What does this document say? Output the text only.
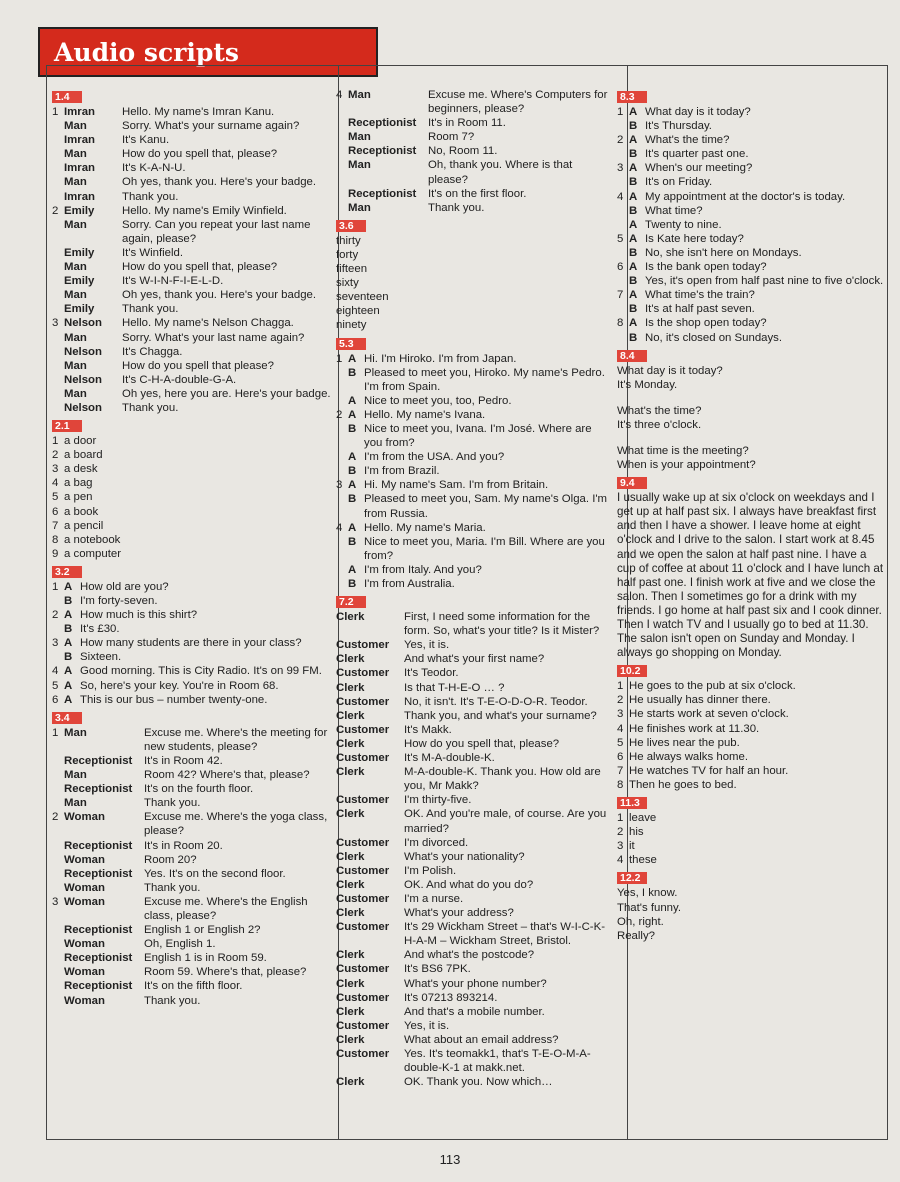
Audio scripts
1.4
1 Imran	Hello. My name's Imran Kanu.
Man	Sorry. What's your surname again?
Imran	It's Kanu.
Man	How do you spell that, please?
Imran	It's K-A-N-U.
Man	Oh yes, thank you. Here's your badge.
Imran	Thank you.
2 Emily	Hello. My name's Emily Winfield.
Man	Sorry. Can you repeat your last name again, please?
Emily	It's Winfield.
Man	How do you spell that, please?
Emily	It's W-I-N-F-I-E-L-D.
Man	Oh yes, thank you. Here's your badge.
Emily	Thank you.
3 Nelson	Hello. My name's Nelson Chagga.
Man	Sorry. What's your last name again?
Nelson	It's Chagga.
Man	How do you spell that please?
Nelson	It's C-H-A-double-G-A.
Man	Oh yes, here you are. Here's your badge.
Nelson	Thank you.
2.1
1 a door
2 a board
3 a desk
4 a bag
5 a pen
6 a book
7 a pencil
8 a notebook
9 a computer
3.2
1 A How old are you?
B I'm forty-seven.
2 A How much is this shirt?
B It's £30.
3 A How many students are there in your class?
B Sixteen.
4 A Good morning. This is City Radio. It's on 99 FM.
5 A So, here's your key. You're in Room 68.
6 A This is our bus – number twenty-one.
3.4
1 Man	Excuse me. Where's the meeting for new students, please?
Receptionist	It's in Room 42.
Man	Room 42? Where's that, please?
Receptionist	It's on the fourth floor.
Man	Thank you.
2 Woman	Excuse me. Where's the yoga class, please?
Receptionist	It's in Room 20.
Woman	Room 20?
Receptionist	Yes. It's on the second floor.
Woman	Thank you.
3 Woman	Excuse me. Where's the English class, please?
Receptionist	English 1 or English 2?
Woman	Oh, English 1.
Receptionist	English 1 is in Room 59.
Woman	Room 59. Where's that, please?
Receptionist	It's on the fifth floor.
Woman	Thank you.
4 Man	Excuse me. Where's Computers for beginners, please?
Receptionist	It's in Room 11.
Man	Room 7?
Receptionist	No, Room 11.
Man	Oh, thank you. Where is that please?
Receptionist	It's on the first floor.
Man	Thank you.
3.6
thirty
forty
fifteen
sixty
seventeen
eighteen
ninety
5.3
1 A Hi. I'm Hiroko. I'm from Japan.
B Pleased to meet you, Hiroko. My name's Pedro. I'm from Spain.
A Nice to meet you, too, Pedro.
2 A Hello. My name's Ivana.
B Nice to meet you, Ivana. I'm José. Where are you from?
A I'm from the USA. And you?
B I'm from Brazil.
3 A Hi. My name's Sam. I'm from Britain.
B Pleased to meet you, Sam. My name's Olga. I'm from Russia.
4 A Hello. My name's Maria.
B Nice to meet you, Maria. I'm Bill. Where are you from?
A I'm from Italy. And you?
B I'm from Australia.
7.2
Clerk	First, I need some information for the form. So, what's your title? Is it Mister?
Customer	Yes, it is.
Clerk	And what's your first name?
Customer	It's Teodor.
Clerk	Is that T-H-E-O … ?
Customer	No, it isn't. It's T-E-O-D-O-R. Teodor.
Clerk	Thank you, and what's your surname?
Customer	It's Makk.
Clerk	How do you spell that, please?
Customer	It's M-A-double-K.
Clerk	M-A-double-K. Thank you. How old are you, Mr Makk?
Customer	I'm thirty-five.
Clerk	OK. And you're male, of course. Are you married?
Customer	I'm divorced.
Clerk	What's your nationality?
Customer	I'm Polish.
Clerk	OK. And what do you do?
Customer	I'm a nurse.
Clerk	What's your address?
Customer	It's 29 Wickham Street – that's W-I-C-K-H-A-M – Wickham Street, Bristol.
Clerk	And what's the postcode?
Customer	It's BS6 7PK.
Clerk	What's your phone number?
Customer	It's 07213 893214.
Clerk	And that's a mobile number.
Customer	Yes, it is.
Clerk	What about an email address?
Customer	Yes. It's teomakk1, that's T-E-O-M-A-double-K-1 at makk.net.
Clerk	OK. Thank you. Now which…
8.3
1 A What day is it today?
B It's Thursday.
2 A What's the time?
B It's quarter past one.
3 A When's our meeting?
B It's on Friday.
4 A My appointment at the doctor's is today.
B What time?
A Twenty to nine.
5 A Is Kate here today?
B No, she isn't here on Mondays.
6 A Is the bank open today?
B Yes, it's open from half past nine to five o'clock.
7 A What time's the train?
B It's at half past seven.
8 A Is the shop open today?
B No, it's closed on Sundays.
8.4
What day is it today?
It's Monday.
What's the time?
It's three o'clock.
What time is the meeting?
When is your appointment?
9.4
I usually wake up at six o'clock on weekdays and I get up at half past six. I always have breakfast first and then I have a shower. I leave home at eight o'clock and I drive to the salon. I start work at 8.45 and we open the salon at half past nine. I have a cup of coffee at about 11 o'clock and I have lunch at half past one. I finish work at five and we close the salon. Then I sometimes go for a drink with my friends. I go home at half past six and I cook dinner. Then I watch TV and I usually go to bed at 11.30. The salon isn't open on Sunday and Monday. I always go shopping on Monday.
10.2
1 He goes to the pub at six o'clock.
2 He usually has dinner there.
3 He starts work at seven o'clock.
4 He finishes work at 11.30.
5 He lives near the pub.
6 He always walks home.
7 He watches TV for half an hour.
8 Then he goes to bed.
11.3
1 leave
2 his
3 it
4 these
12.2
Yes, I know.
That's funny.
Oh, right.
Really?
113
